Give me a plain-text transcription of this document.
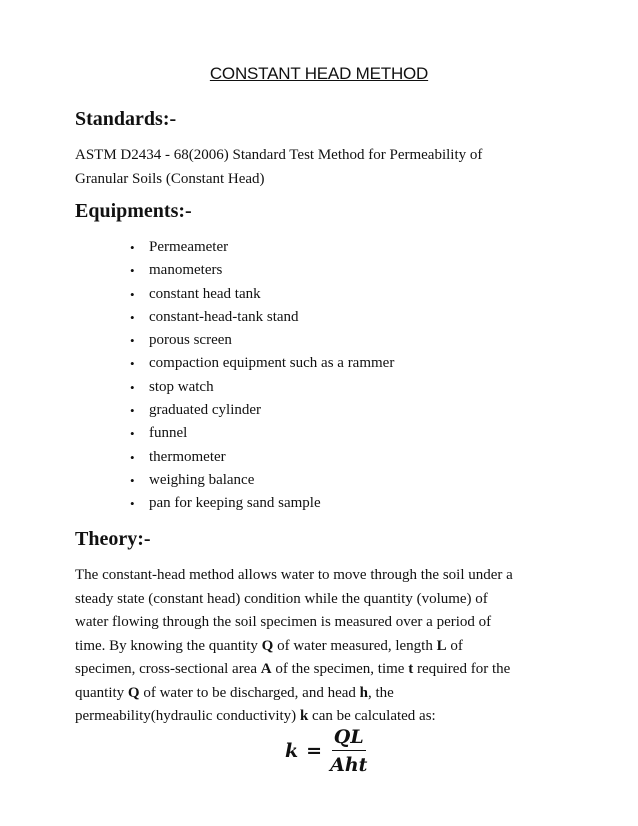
CONSTANT HEAD METHOD
Standards:-

ASTM D2434 - 68(2006) Standard Test Method for Permeability of
Granular Soils (Constant Head)

Equipments:-
• Permeameter
• manometers
• constant head tank
• constant-head-tank stand
• porous screen
• compaction equipment such as a rammer
• stop watch
• graduated cylinder
• funnel
• thermometer
• weighing balance
• pan for keeping sand sample
Theory:-

The constant-head method allows water to move through the soil under a
steady state (constant head) condition while the quantity (volume) of
water flowing through the soil specimen is measured over a period of
time. By knowing the quantity Q of water measured, length L of
specimen, cross-sectional area A of the specimen, time t required for the
quantity Q of water to be discharged, and head h, the
permeability(hydraulic conductivity) k can be calculated as:

$k = \frac{QL}{\text{Aht}}$
